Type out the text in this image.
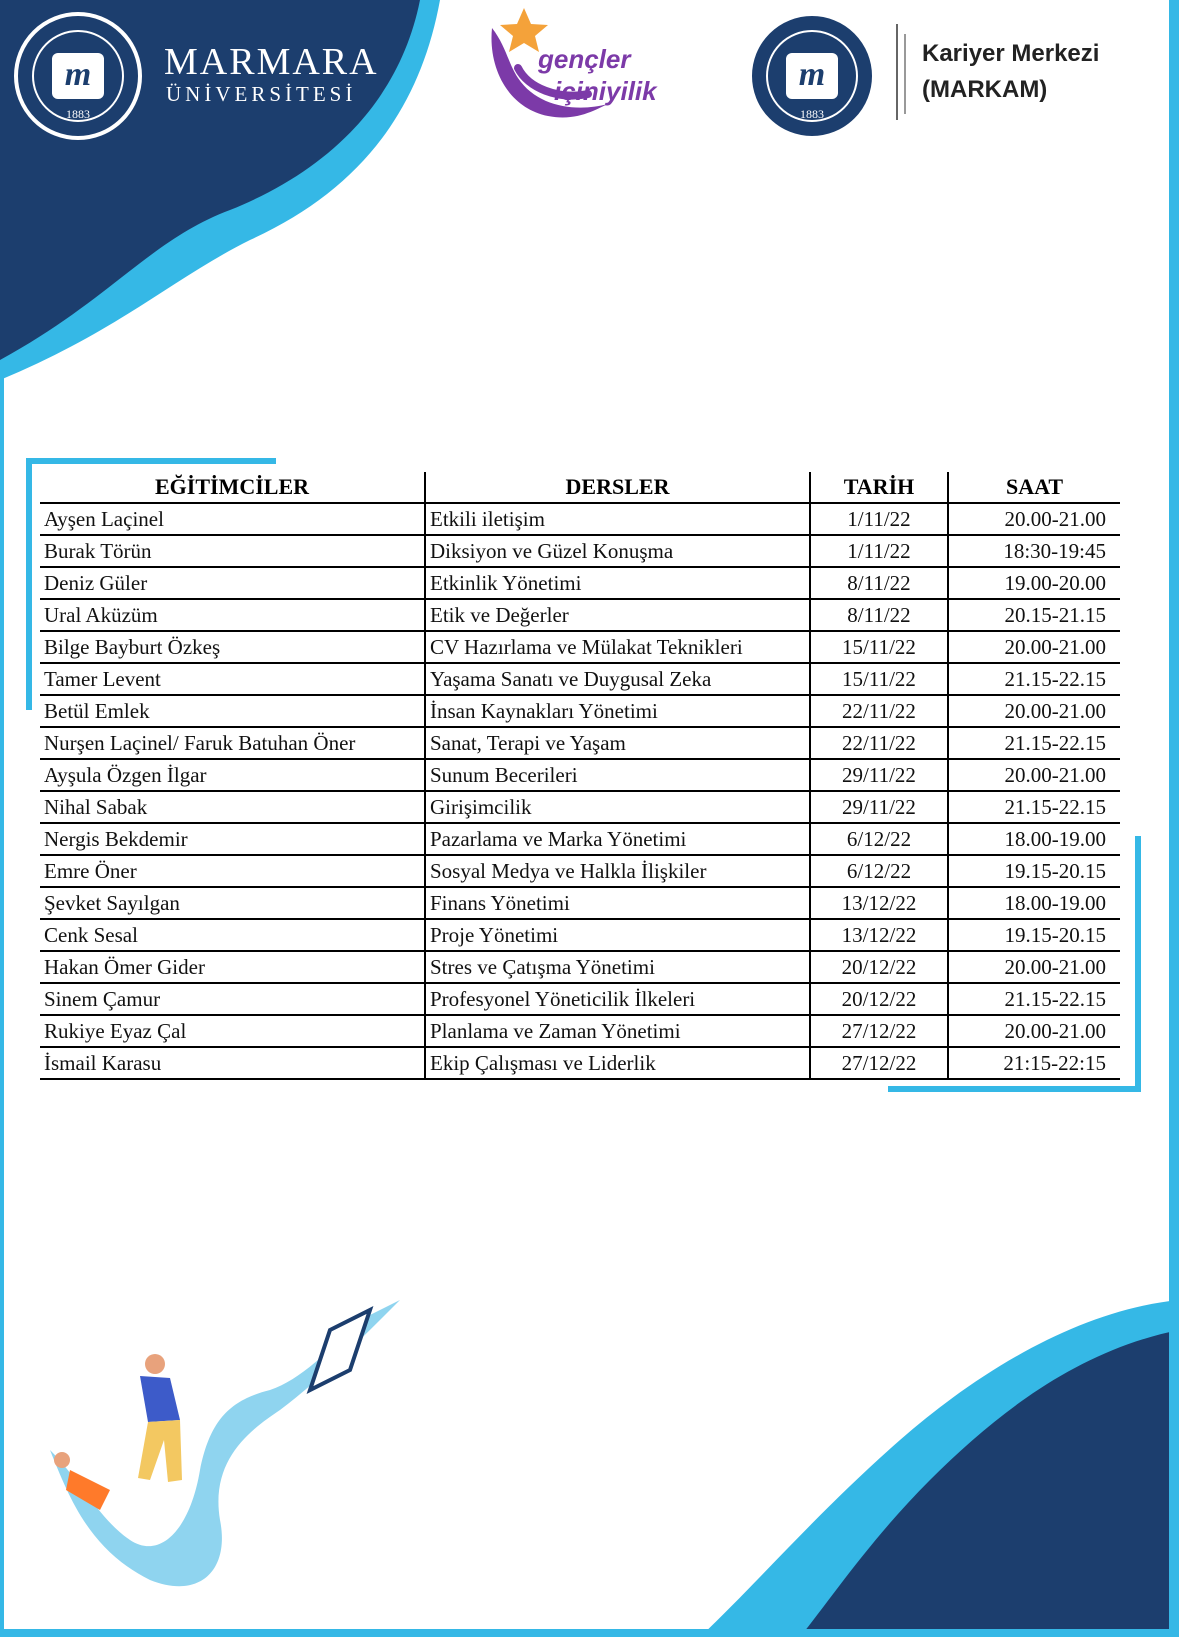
m
1883
MARMARA
ÜNİVERSİTESİ
gençler
içiniyilik	m
1883
Kariyer Merkezi
(MARKAM)
EĞİTİMCİLER	DERSLER	TARİH	SAAT
Ayşen Laçinel	Etkili iletişim	1/11/22	20.00-21.00
Burak Törün	Diksiyon ve Güzel Konuşma	1/11/22	18:30-19:45
Deniz Güler	Etkinlik Yönetimi	8/11/22	19.00-20.00
Ural Aküzüm	Etik ve Değerler	8/11/22	20.15-21.15
Bilge Bayburt Özkeş	CV Hazırlama ve Mülakat Teknikleri	15/11/22	20.00-21.00
Tamer Levent	Yaşama Sanatı ve Duygusal Zeka	15/11/22	21.15-22.15
Betül Emlek	İnsan Kaynakları Yönetimi	22/11/22	20.00-21.00
Nurşen Laçinel/ Faruk Batuhan Öner	Sanat, Terapi ve Yaşam	22/11/22	21.15-22.15
Ayşula Özgen İlgar	Sunum Becerileri	29/11/22	20.00-21.00
Nihal Sabak	Girişimcilik	29/11/22	21.15-22.15
Nergis Bekdemir	Pazarlama ve Marka Yönetimi	6/12/22	18.00-19.00
Emre Öner	Sosyal Medya ve Halkla İlişkiler	6/12/22	19.15-20.15
Şevket Sayılgan	Finans Yönetimi	13/12/22	18.00-19.00
Cenk Sesal	Proje Yönetimi	13/12/22	19.15-20.15
Hakan Ömer Gider	Stres ve Çatışma Yönetimi	20/12/22	20.00-21.00
Sinem Çamur	Profesyonel Yöneticilik İlkeleri	20/12/22	21.15-22.15
Rukiye Eyaz Çal	Planlama ve Zaman Yönetimi	27/12/22	20.00-21.00
İsmail Karasu	Ekip Çalışması ve Liderlik	27/12/22	21:15-22:15
